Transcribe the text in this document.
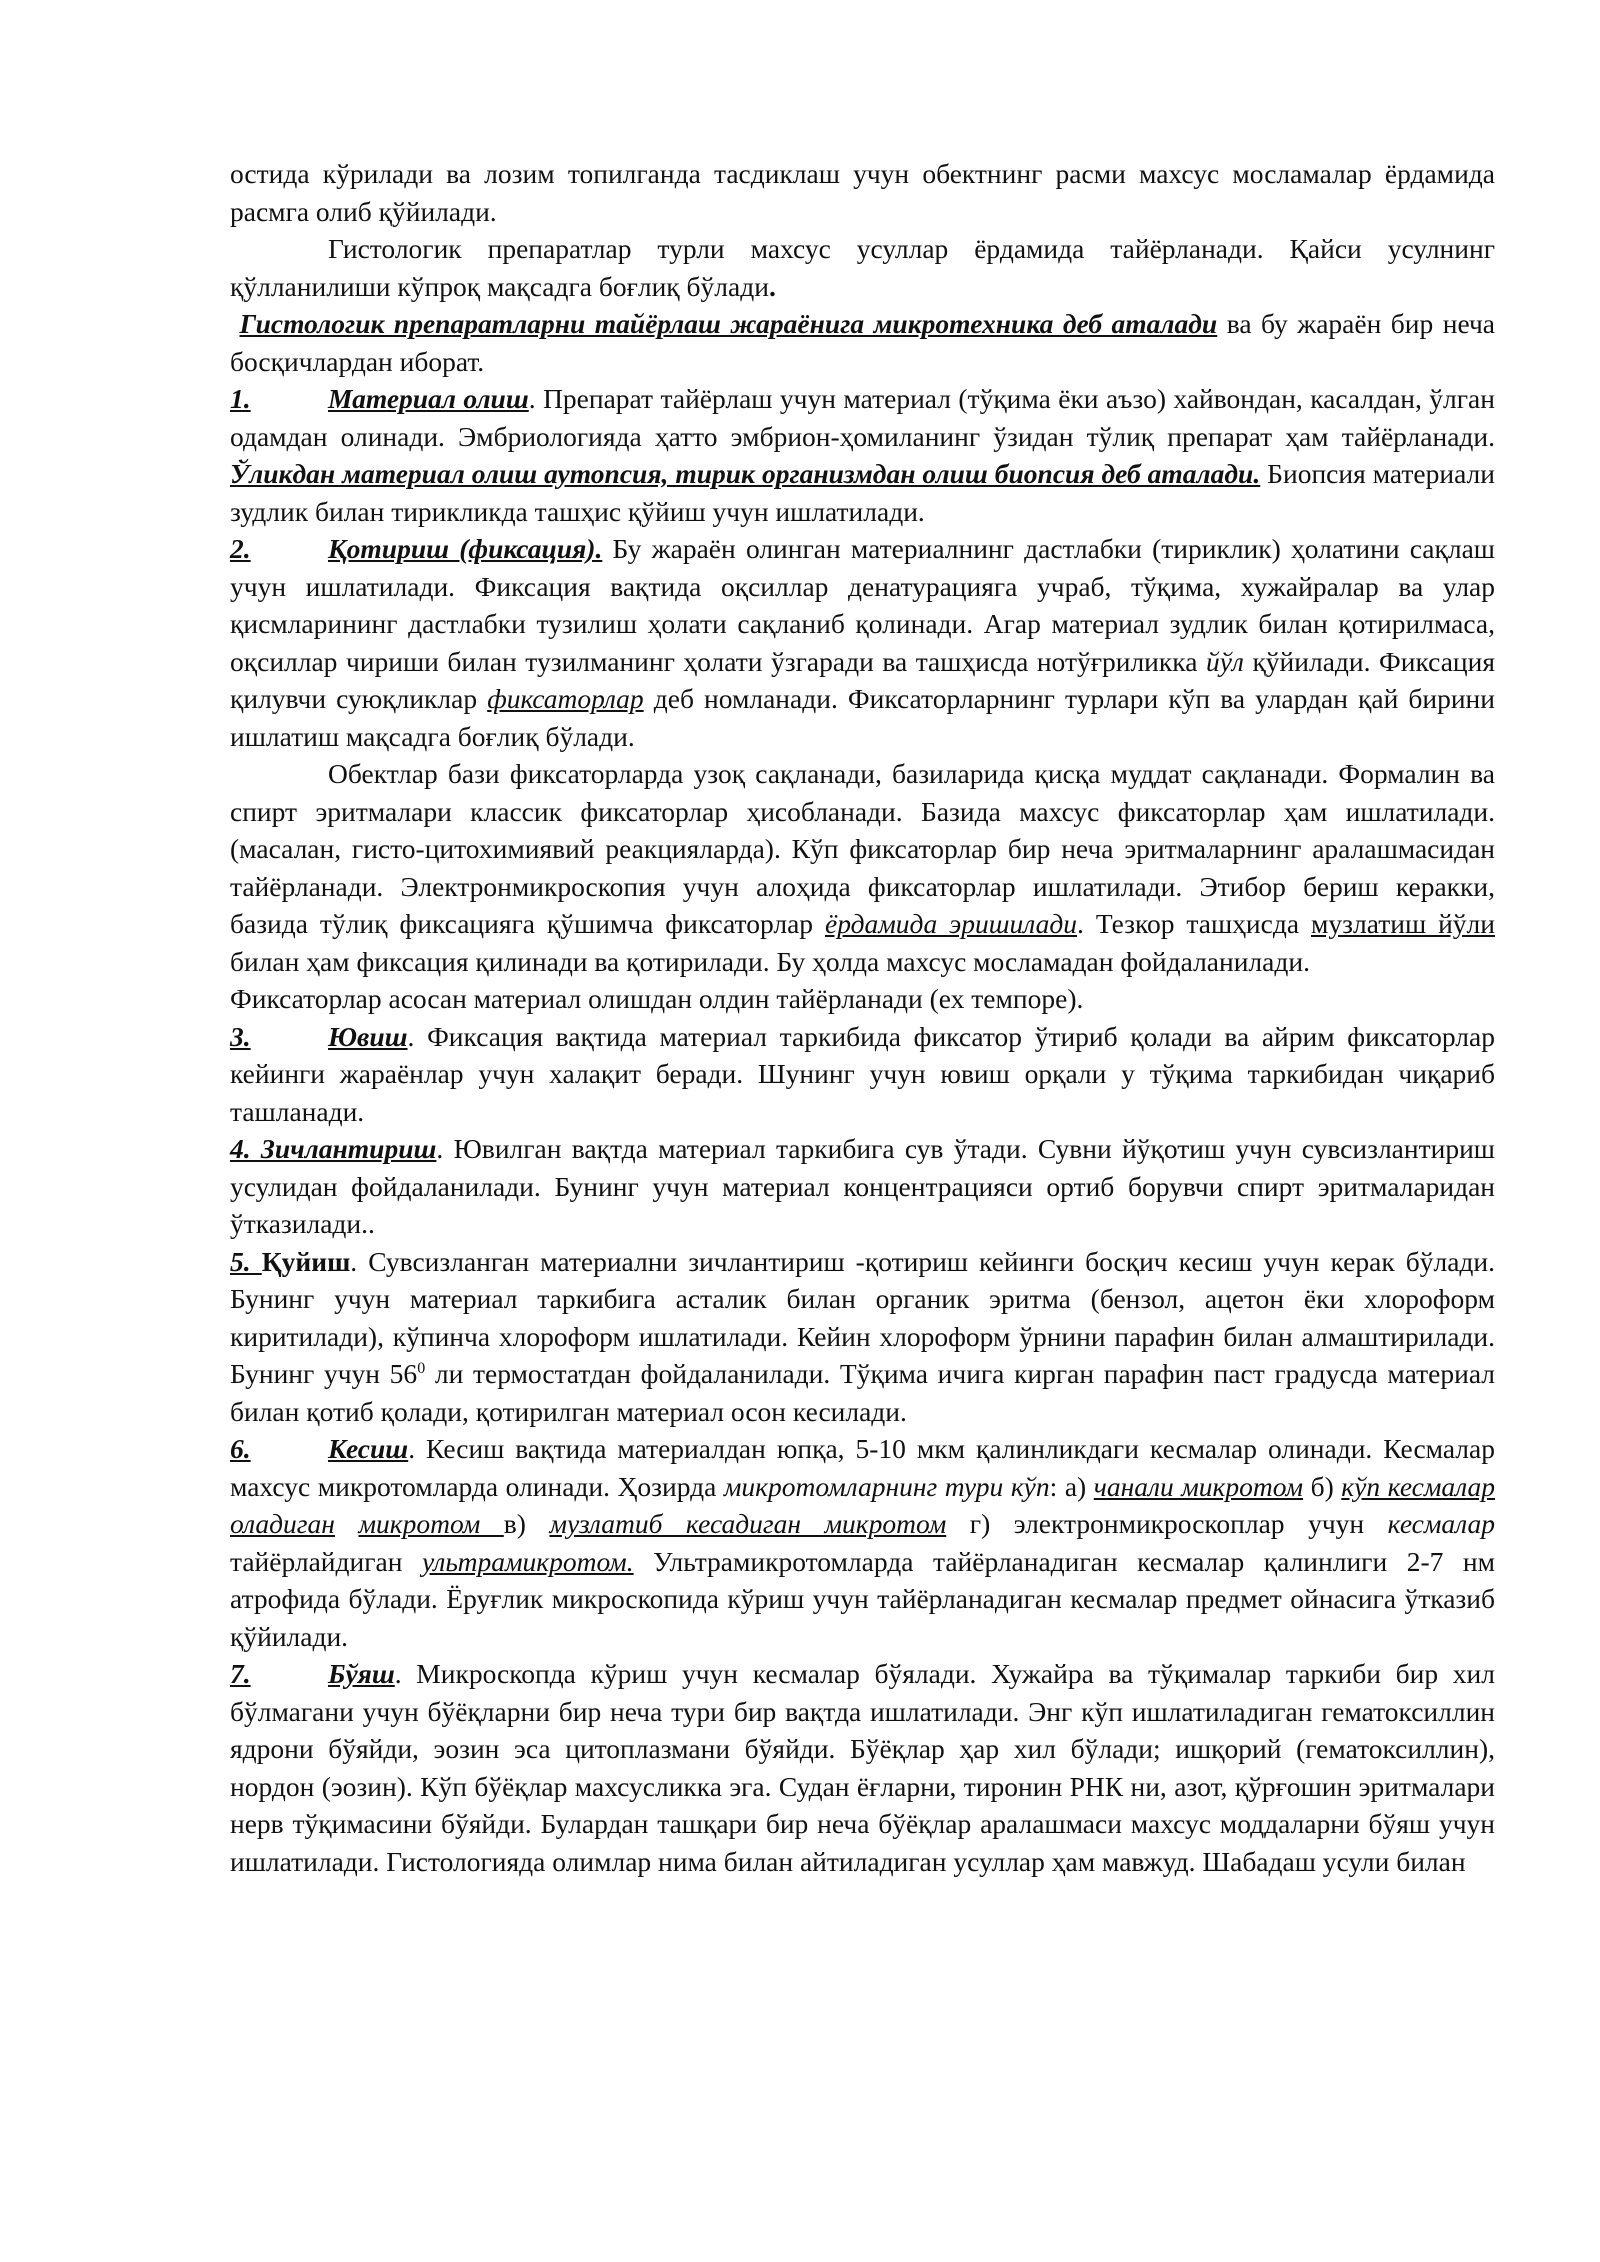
остида кўрилади ва лозим топилганда тасдиклаш учун обектнинг расми махсус мосламалар ёрдамида расмга олиб қўйилади.

Гистологик препаратлар турли махсус усуллар ёрдамида тайёрланади. Қайси усулнинг қўлланилиши кўпроқ мақсадга боғлиқ бўлади.

Гистологик препаратларни тайёрлаш жараёнига микротехника деб аталади ва бу жараён бир неча босқичлардан иборат.

1.	Материал олиш. Препарат тайёрлаш учун материал (тўқима ёки аъзо) хайвондан, касалдан, ўлган одамдан олинади. Эмбриологияда ҳатто эмбрион-ҳомиланинг ўзидан тўлиқ препарат ҳам тайёрланади. Ўликдан материал олиш аутопсия, тирик организмдан олиш биопсия деб аталади. Биопсия материали зудлик билан тирикликда ташҳис қўйиш учун ишлатилади.

2.	Қотириш (фиксация). Бу жараён олинган материалнинг дастлабки (тириклик) ҳолатини сақлаш учун ишлатилади. Фиксация вақтида оқсиллар денатурацияга учраб, тўқима, хужайралар ва улар қисмларининг дастлабки тузилиш ҳолати сақланиб қолинади. Агар материал зудлик билан қотирилмаса, оқсиллар чириши билан тузилманинг ҳолати ўзгаради ва ташҳисда нотўғриликка йўл қўйилади. Фиксация қилувчи суюқликлар фиксаторлар деб номланади. Фиксаторларнинг турлари кўп ва улардан қай бирини ишлатиш мақсадга боғлиқ бўлади.

Обектлар бази фиксаторларда узоқ сақланади, базиларида қисқа муддат сақланади. Формалин ва спирт эритмалари классик фиксаторлар ҳисобланади. Базида махсус фиксаторлар ҳам ишлатилади. (масалан, гисто-цитохимиявий реакцияларда). Кўп фиксаторлар бир неча эритмаларнинг аралашмасидан тайёрланади. Электронмикроскопия учун алоҳида фиксаторлар ишлатилади. Этибор бериш керакки, базида тўлиқ фиксацияга қўшимча фиксаторлар ёрдамида эришилади. Тезкор ташҳисда музлатиш йўли билан ҳам фиксация қилинади ва қотирилади. Бу ҳолда махсус мосламадан фойдаланилади.

Фиксаторлар асосан материал олишдан олдин тайёрланади (ех темпоре).

3.	Ювиш. Фиксация вақтида материал таркибида фиксатор ўтириб қолади ва айрим фиксаторлар кейинги жараёнлар учун халақит беради. Шунинг учун ювиш орқали у тўқима таркибидан чиқариб ташланади.

4. Зичлантириш. Ювилган вақтда материал таркибига сув ўтади. Сувни йўқотиш учун сувсизлантириш усулидан фойдаланилади. Бунинг учун материал концентрацияси ортиб борувчи спирт эритмаларидан ўтказилади..

5. Қуйиш. Сувсизланган материални зичлантириш -қотириш кейинги босқич кесиш учун керак бўлади. Бунинг учун материал таркибига асталик билан органик эритма (бензол, ацетон ёки хлороформ киритилади), кўпинча хлороформ ишлатилади. Кейин хлороформ ўрнини парафин билан алмаштирилади. Бунинг учун $56^0$ ли термостатдан фойдаланилади. Тўқима ичига кирган парафин паст градусда материал билан қотиб қолади, қотирилган материал осон кесилади.

6.	Кесиш. Кесиш вақтида материалдан юпқа, 5-10 мкм қалинликдаги кесмалар олинади. Кесмалар махсус микротомларда олинади. Ҳозирда микротомларнинг тури кўп: а) чанали микротом б) кўп кесмалар оладиган микротом в) музлатиб кесадиган микротом г) электронмикроскоплар учун кесмалар тайёрлайдиган ультрамикротом. Ультрамикротомларда тайёрланадиган кесмалар қалинлиги 2-7 нм атрофида бўлади. Ёруғлик микроскопида кўриш учун тайёрланадиган кесмалар предмет ойнасига ўтказиб қўйилади.

7.	Бўяш. Микроскопда кўриш учун кесмалар бўялади. Хужайра ва тўқималар таркиби бир хил бўлмагани учун бўёқларни бир неча тури бир вақтда ишлатилади. Энг кўп ишлатиладиган гематоксиллин ядрони бўяйди, эозин эса цитоплазмани бўяйди. Бўёқлар ҳар хил бўлади; ишқорий (гематоксиллин), нордон (эозин). Кўп бўёқлар махсусликка эга. Судан ёғларни, тиронин РНК ни, азот, қўрғошин эритмалари нерв тўқимасини бўяйди. Булардан ташқари бир неча бўёқлар аралашмаси махсус моддаларни бўяш учун ишлатилади. Гистологияда олимлар нима билан айтиладиган усуллар ҳам мавжуд. Шабадаш усули билан
